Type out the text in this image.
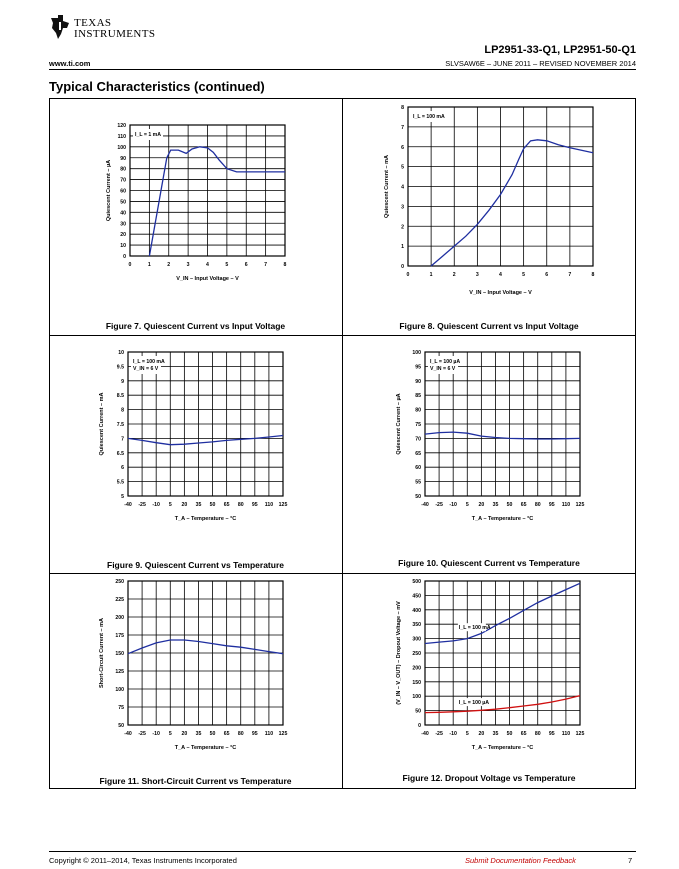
TEXAS
INSTRUMENTS
LP2951-33-Q1, LP2951-50-Q1
www.ti.com	SLVSAW6E – JUNE 2011 – REVISED NOVEMBER 2014
Typical Characteristics (continued)
0	1	2	3	4	5	6	7	8
0
10
20
30
40
50
60
70
80
90
100
110
120
V_IN – Input Voltage – V
Quiescent Current – µA
I_L = 1 mA
0	1	2	3	4	5	6	7	8
0
1
2
3
4
5
6
7
8
V_IN – Input Voltage – V
Quiescent Current – mA
I_L = 100 mA
-40 -25 -10 5 20 35 50 65 80 95 110 125
5
5.5
6
6.5
7
7.5
8
8.5
9
9.5
10
T_A – Temperature – °C
Quiescent Current – mA
I_L = 100 mA
V_IN = 6 V
-40 -25 -10 5 20 35 50 65 80 95 110 125
50
55
60
65
70
75
80
85
90
95
100
T_A – Temperature – °C
Quiescent Current – µA
I_L = 100 µA
V_IN = 6 V
-40 -25 -10 5 20 35 50 65 80 95 110 125
50
75
100
125
150
175
200
225
250
T_A – Temperature – °C
Short-Circuit Current – mA
-40 -25 -10 5 20 35 50 65 80 95 110 125
0
50
100
150
200
250
300
350
400
450
500
T_A – Temperature – °C
(V_IN – V_OUT) – Dropout Voltage – mV	I_L = 100 mA
I_L = 100 µA
Figure 7. Quiescent Current vs Input Voltage	Figure 8. Quiescent Current vs Input Voltage
Figure 9. Quiescent Current vs Temperature	Figure 10. Quiescent Current vs Temperature
Figure 11. Short-Circuit Current vs Temperature	Figure 12. Dropout Voltage vs Temperature
Copyright © 2011–2014, Texas Instruments Incorporated	Submit Documentation Feedback	7
